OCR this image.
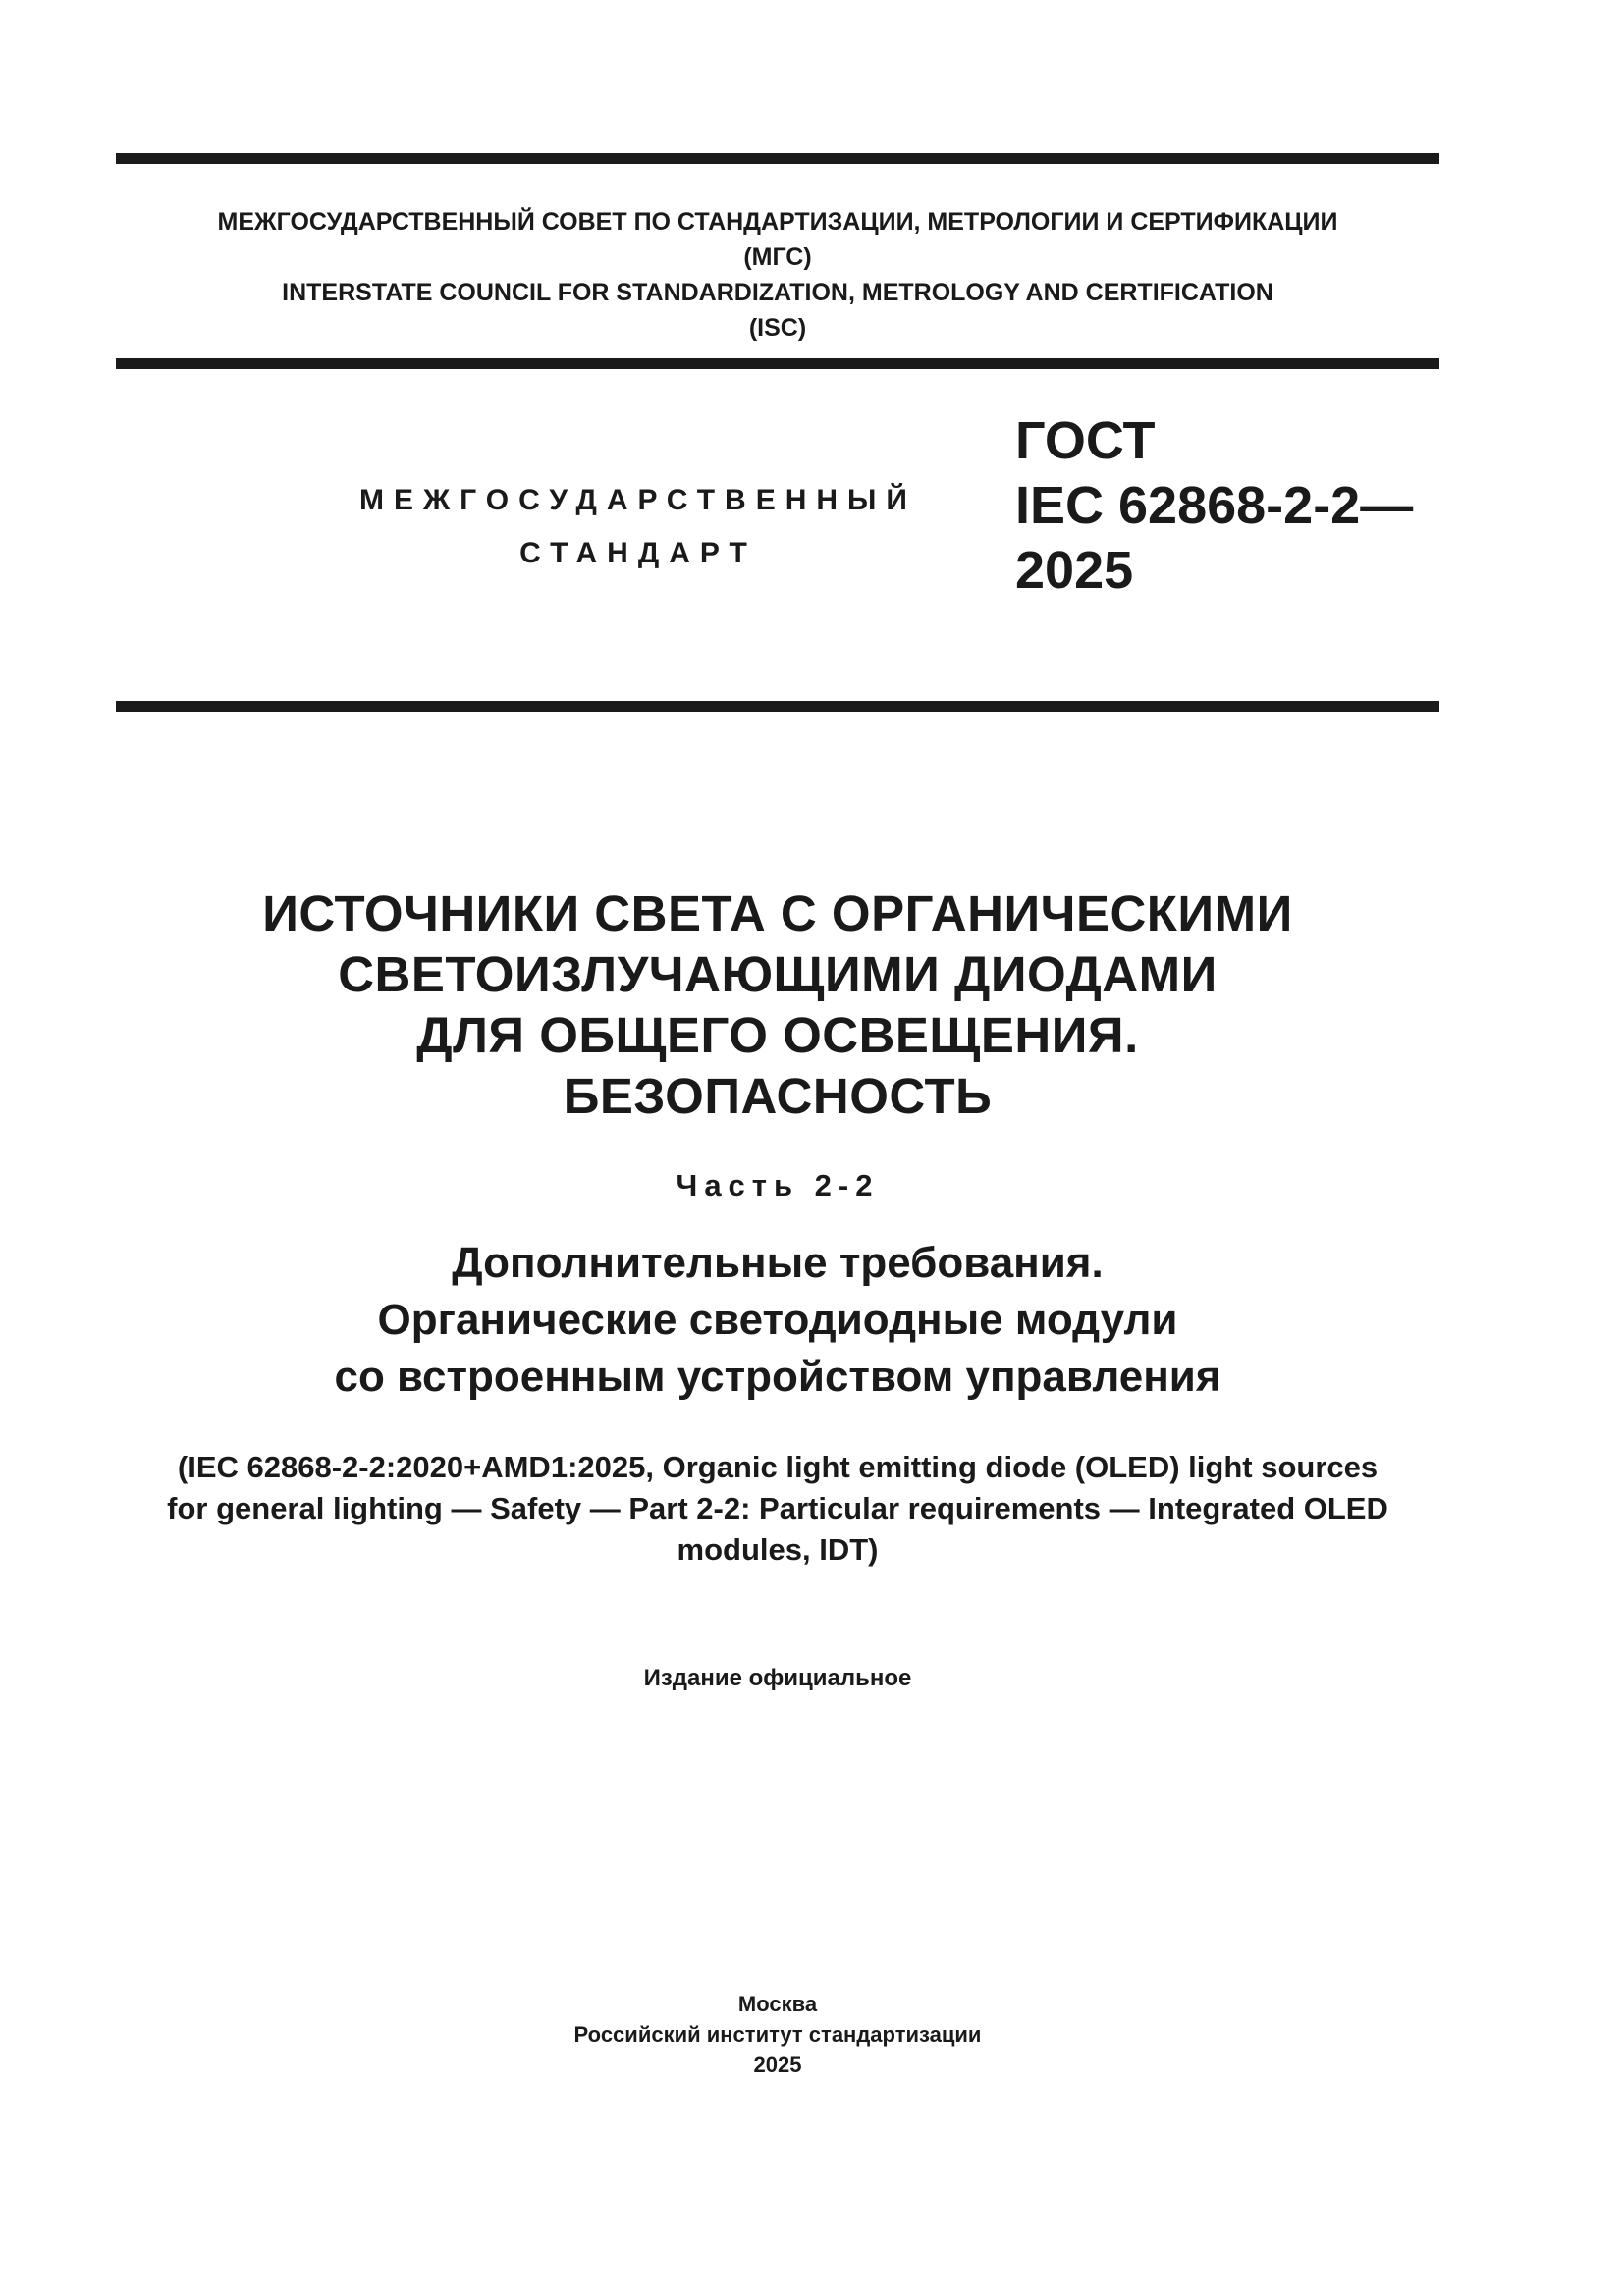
МЕЖГОСУДАРСТВЕННЫЙ СОВЕТ ПО СТАНДАРТИЗАЦИИ, МЕТРОЛОГИИ И СЕРТИФИКАЦИИ
(МГС)
INTERSTATE COUNCIL FOR STANDARDIZATION, METROLOGY AND CERTIFICATION
(ISC)
МЕЖГОСУДАРСТВЕННЫЙ
СТАНДАРТ
ГОСТ
IEC 62868-2-2—
2025
ИСТОЧНИКИ СВЕТА С ОРГАНИЧЕСКИМИ
СВЕТОИЗЛУЧАЮЩИМИ ДИОДАМИ
ДЛЯ ОБЩЕГО ОСВЕЩЕНИЯ.
БЕЗОПАСНОСТЬ
Часть 2-2
Дополнительные требования.
Органические светодиодные модули
со встроенным устройством управления
(IEC 62868-2-2:2020+AMD1:2025, Organic light emitting diode (OLED) light sources
for general lighting — Safety — Part 2-2: Particular requirements — Integrated OLED
modules, IDT)
Издание официальное
Москва
Российский институт стандартизации
2025
